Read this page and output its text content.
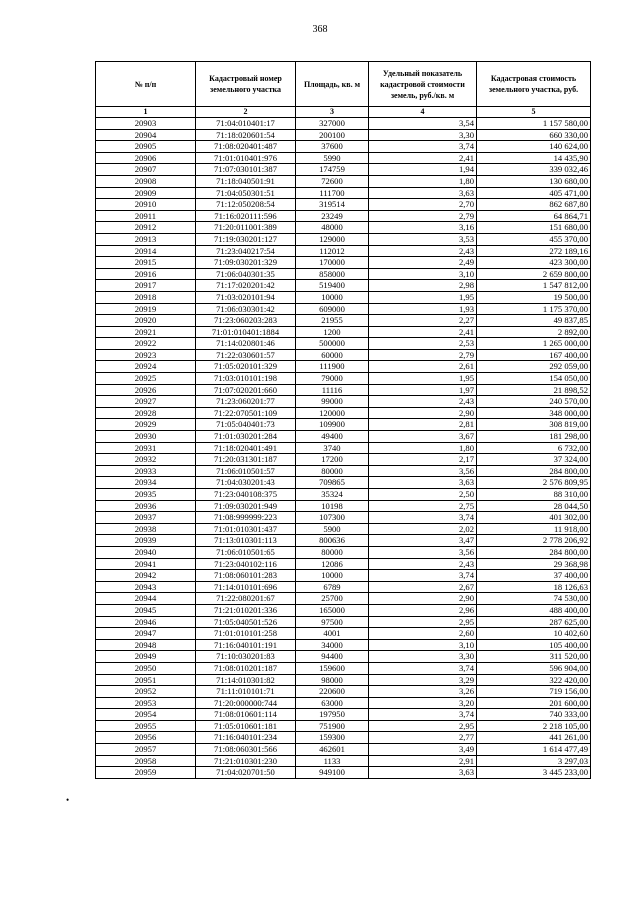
368
№ п/п	Кадастровый номер земельного участка	Площадь, кв. м	Удельный показатель кадастровой стоимости земель, руб./кв. м	Кадастровая стоимость земельного участка, руб.
1	2	3	4	5
20903	71:04:010401:17	327000	3,54	1 157 580,00
20904	71:18:020601:54	200100	3,30	660 330,00
20905	71:08:020401:487	37600	3,74	140 624,00
20906	71:01:010401:976	5990	2,41	14 435,90
20907	71:07:030101:387	174759	1,94	339 032,46
20908	71:18:040501:91	72600	1,80	130 680,00
20909	71:04:050301:51	111700	3,63	405 471,00
20910	71:12:050208:54	319514	2,70	862 687,80
20911	71:16:020111:596	23249	2,79	64 864,71
20912	71:20:011001:389	48000	3,16	151 680,00
20913	71:19:030201:127	129000	3,53	455 370,00
20914	71:23:040217:54	112012	2,43	272 189,16
20915	71:09:030201:329	170000	2,49	423 300,00
20916	71:06:040301:35	858000	3,10	2 659 800,00
20917	71:17:020201:42	519400	2,98	1 547 812,00
20918	71:03:020101:94	10000	1,95	19 500,00
20919	71:06:030301:42	609000	1,93	1 175 370,00
20920	71:23:060203:283	21955	2,27	49 837,85
20921	71:01:010401:1884	1200	2,41	2 892,00
20922	71:14:020801:46	500000	2,53	1 265 000,00
20923	71:22:030601:57	60000	2,79	167 400,00
20924	71:05:020101:329	111900	2,61	292 059,00
20925	71:03:010101:198	79000	1,95	154 050,00
20926	71:07:020201:660	11116	1,97	21 898,52
20927	71:23:060201:77	99000	2,43	240 570,00
20928	71:22:070501:109	120000	2,90	348 000,00
20929	71:05:040401:73	109900	2,81	308 819,00
20930	71:01:030201:284	49400	3,67	181 298,00
20931	71:18:020401:491	3740	1,80	6 732,00
20932	71:20:031301:187	17200	2,17	37 324,00
20933	71:06:010501:57	80000	3,56	284 800,00
20934	71:04:030201:43	709865	3,63	2 576 809,95
20935	71:23:040108:375	35324	2,50	88 310,00
20936	71:09:030201:949	10198	2,75	28 044,50
20937	71:08:999999:223	107300	3,74	401 302,00
20938	71:01:010301:437	5900	2,02	11 918,00
20939	71:13:010301:113	800636	3,47	2 778 206,92
20940	71:06:010501:65	80000	3,56	284 800,00
20941	71:23:040102:116	12086	2,43	29 368,98
20942	71:08:060101:283	10000	3,74	37 400,00
20943	71:14:010101:696	6789	2,67	18 126,63
20944	71:22:080201:67	25700	2,90	74 530,00
20945	71:21:010201:336	165000	2,96	488 400,00
20946	71:05:040501:526	97500	2,95	287 625,00
20947	71:01:010101:258	4001	2,60	10 402,60
20948	71:16:040101:191	34000	3,10	105 400,00
20949	71:10:030201:83	94400	3,30	311 520,00
20950	71:08:010201:187	159600	3,74	596 904,00
20951	71:14:010301:82	98000	3,29	322 420,00
20952	71:11:010101:71	220600	3,26	719 156,00
20953	71:20:000000:744	63000	3,20	201 600,00
20954	71:08:010601:114	197950	3,74	740 333,00
20955	71:05:010601:181	751900	2,95	2 218 105,00
20956	71:16:040101:234	159300	2,77	441 261,00
20957	71:08:060301:566	462601	3,49	1 614 477,49
20958	71:21:010301:230	1133	2,91	3 297,03
20959	71:04:020701:50	949100	3,63	3 445 233,00
•
